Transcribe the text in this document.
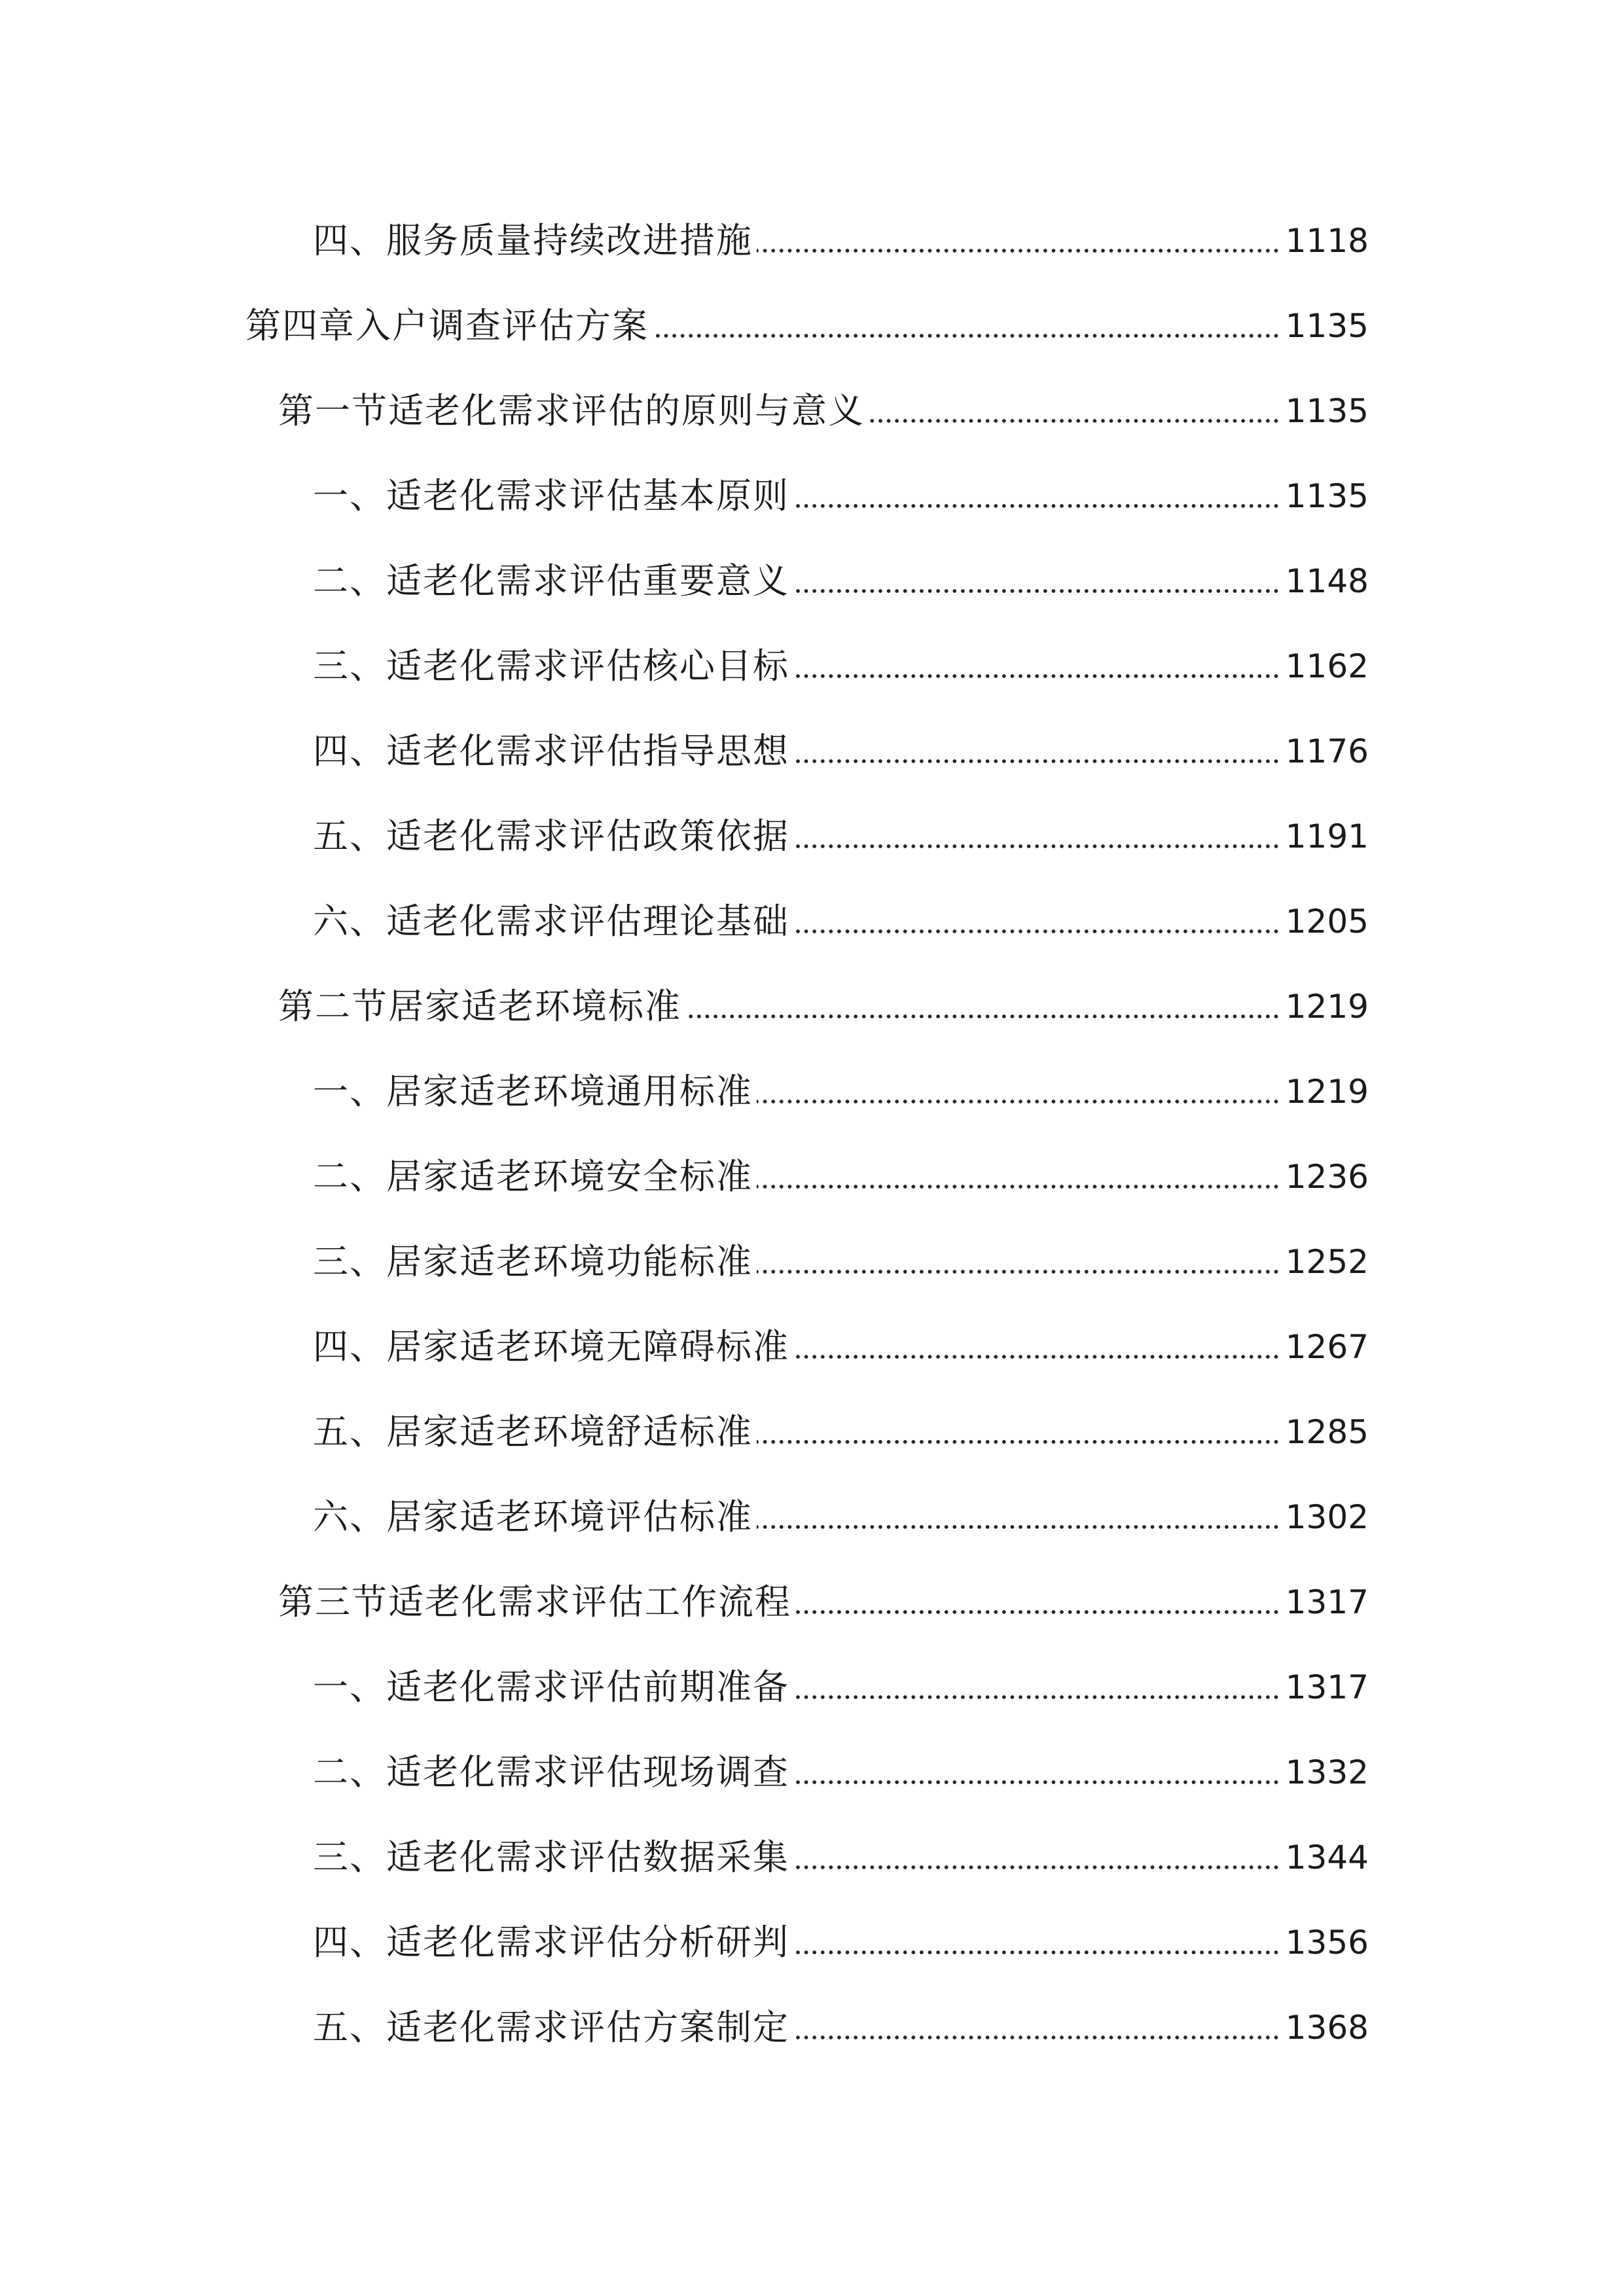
四、服务质量持续改进措施	1118
第四章入户调查评估方案	1135
第一节适老化需求评估的原则与意义	1135
一、适老化需求评估基本原则	1135
二、适老化需求评估重要意义	1148
三、适老化需求评估核心目标	1162
四、适老化需求评估指导思想	1176
五、适老化需求评估政策依据	1191
六、适老化需求评估理论基础	1205
第二节居家适老环境标准	1219
一、居家适老环境通用标准	1219
二、居家适老环境安全标准	1236
三、居家适老环境功能标准	1252
四、居家适老环境无障碍标准	1267
五、居家适老环境舒适标准	1285
六、居家适老环境评估标准	1302
第三节适老化需求评估工作流程	1317
一、适老化需求评估前期准备	1317
二、适老化需求评估现场调查	1332
三、适老化需求评估数据采集	1344
四、适老化需求评估分析研判	1356
五、适老化需求评估方案制定	1368
